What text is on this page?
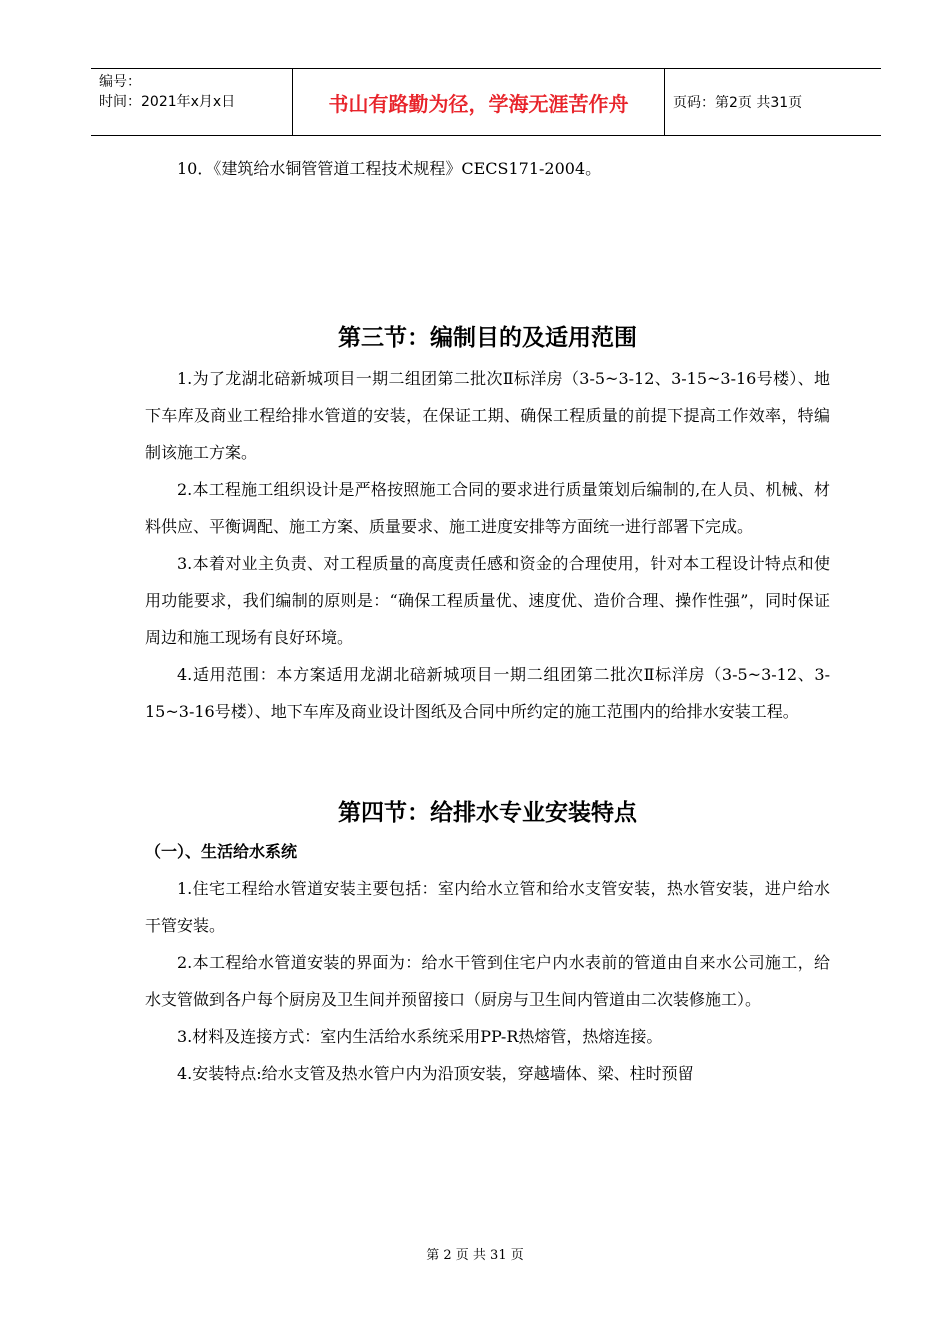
编号：
时间：2021年x月x日	书山有路勤为径，学海无涯苦作舟	页码：第2页 共31页

10．《建筑给水铜管管道工程技术规程》CECS171-2004。

第三节：编制目的及适用范围

1.为了龙湖北碚新城项目一期二组团第二批次Ⅱ标洋房（3-5~3-12、3-15~3-16号楼）、地下车库及商业工程给排水管道的安装，在保证工期、确保工程质量的前提下提高工作效率，特编制该施工方案。

2.本工程施工组织设计是严格按照施工合同的要求进行质量策划后编制的,在人员、机械、材料供应、平衡调配、施工方案、质量要求、施工进度安排等方面统一进行部署下完成。

3.本着对业主负责、对工程质量的高度责任感和资金的合理使用，针对本工程设计特点和使用功能要求，我们编制的原则是：“确保工程质量优、速度优、造价合理、操作性强”，同时保证周边和施工现场有良好环境。

4.适用范围：本方案适用龙湖北碚新城项目一期二组团第二批次Ⅱ标洋房（3-5~3-12、3-15~3-16号楼）、地下车库及商业设计图纸及合同中所约定的施工范围内的给排水安装工程。

第四节：给排水专业安装特点
（一）、生活给水系统

1.住宅工程给水管道安装主要包括：室内给水立管和给水支管安装，热水管安装，进户给水干管安装。

2.本工程给水管道安装的界面为：给水干管到住宅户内水表前的管道由自来水公司施工，给水支管做到各户每个厨房及卫生间并预留接口（厨房与卫生间内管道由二次装修施工）。

3.材料及连接方式：室内生活给水系统采用PP-R热熔管，热熔连接。

4.安装特点:给水支管及热水管户内为沿顶安装，穿越墙体、梁、柱时预留

第 2 页 共 31 页
